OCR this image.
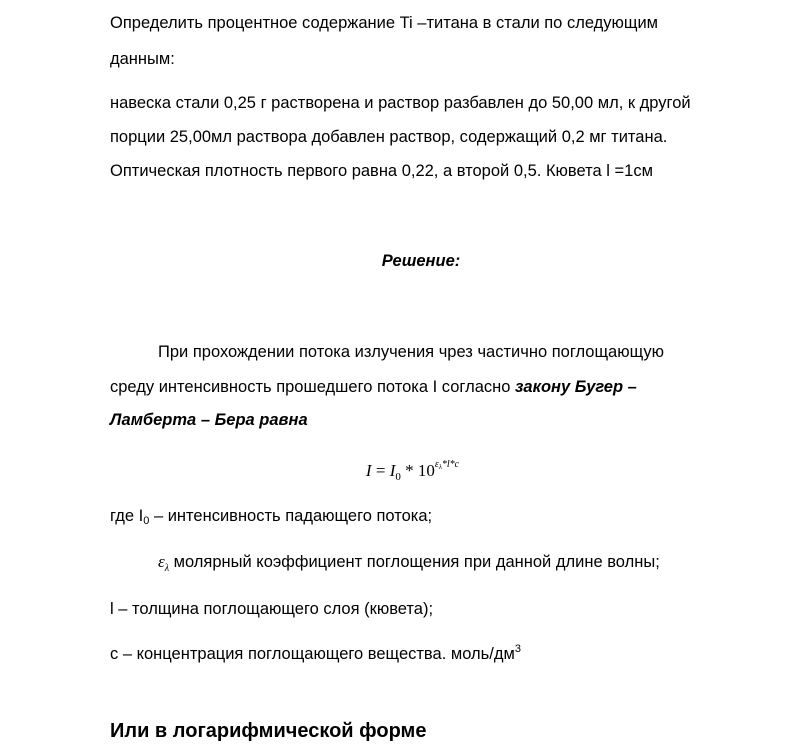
Определить процентное содержание Ti –титана в стали по следующим
данным:
навеска стали 0,25 г растворена и раствор разбавлен до 50,00 мл, к другой
порции 25,00мл раствора добавлен раствор, содержащий 0,2 мг титана.
Оптическая плотность первого равна 0,22, а второй 0,5. Кювета l =1см
Решение:
При прохождении потока излучения чрез частично поглощающую
среду интенсивность прошедшего потока I согласно закону Бугер –
Ламберта – Бера равна
$I = I_0 * 10^{\varepsilon_\lambda*l*c}$
где $I_0$ – интенсивность падающего потока;
$\varepsilon_\lambda$ молярный коэффициент поглощения при данной длине волны;
l – толщина поглощающего слоя (кювета);
с – концентрация поглощающего вещества. моль/$дм^3$
Или в логарифмической форме
